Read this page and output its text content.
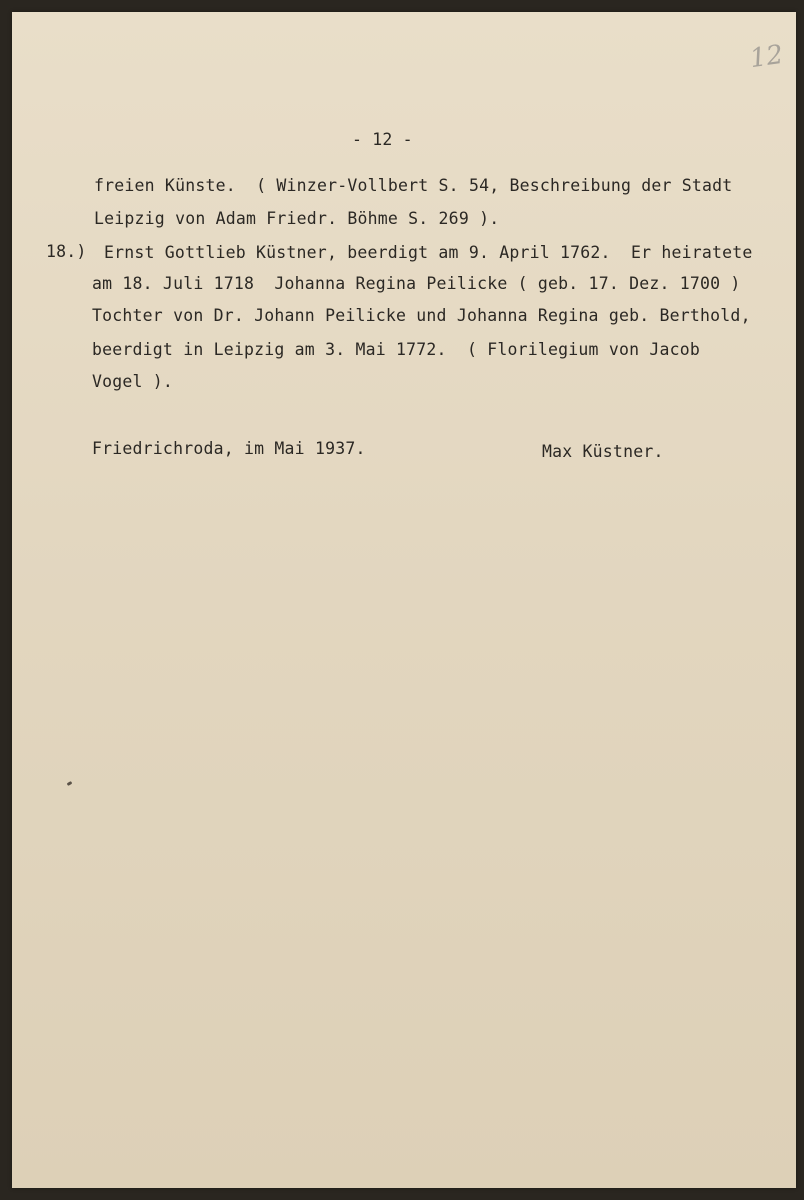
12
- 12 -
freien Künste.  ( Winzer-Vollbert S. 54, Beschreibung der Stadt
Leipzig von Adam Friedr. Böhme S. 269 ).
18.) Ernst Gottlieb Küstner, beerdigt am 9. April 1762.  Er heiratete
am 18. Juli 1718  Johanna Regina Peilicke ( geb. 17. Dez. 1700 )
Tochter von Dr. Johann Peilicke und Johanna Regina geb. Berthold,
beerdigt in Leipzig am 3. Mai 1772.  ( Florilegium von Jacob
Vogel ).
Friedrichroda, im Mai 1937.	Max Küstner.
